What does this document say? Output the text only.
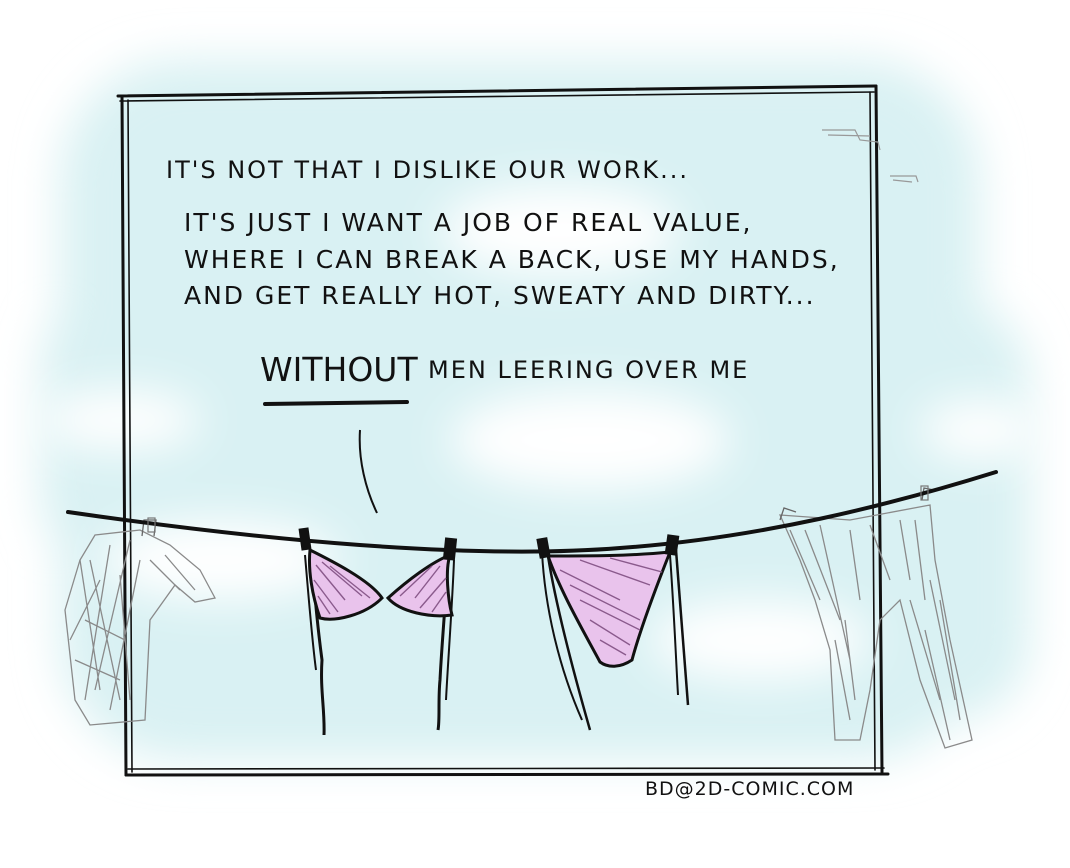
IT'S NOT THAT I DISLIKE OUR WORK...
IT'S JUST I WANT A JOB OF REAL VALUE,
WHERE I CAN BREAK A BACK, USE MY HANDS,
AND GET REALLY HOT, SWEATY AND DIRTY...
WITHOUT MEN LEERING OVER ME
BD@2D-COMIC.COM
